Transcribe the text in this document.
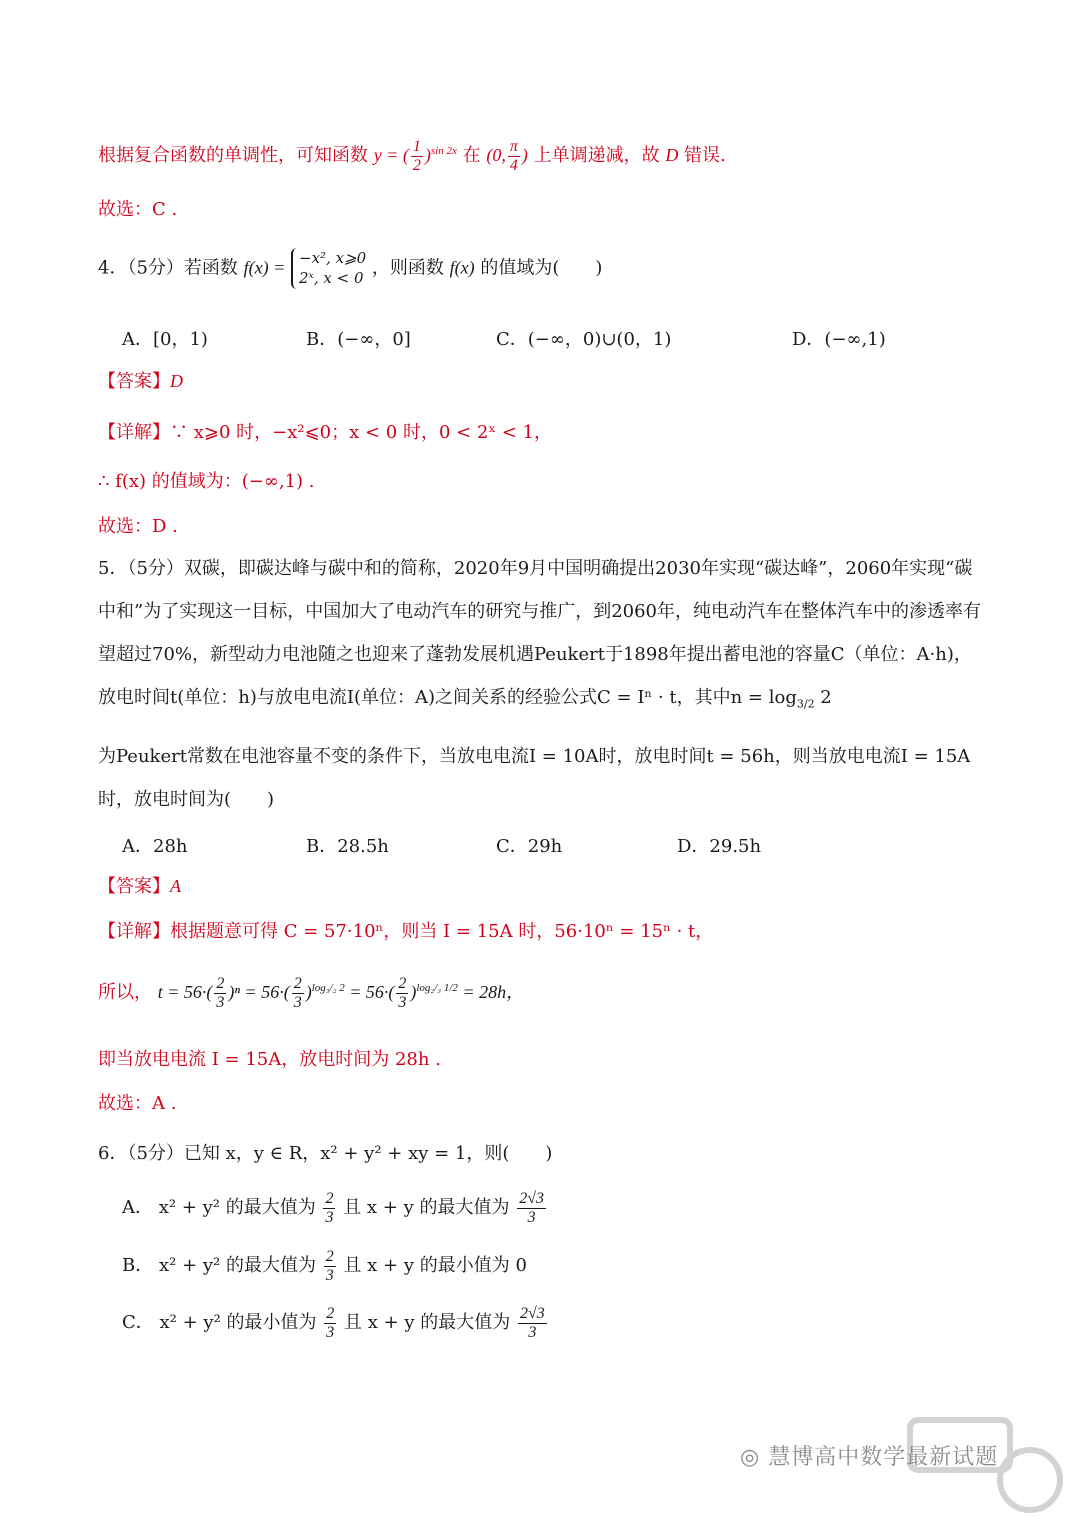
根据复合函数的单调性，可知函数 y = ( $\frac{1}{2} )^{sin 2x}$ 在 (0, $\frac{\pi}{4}$ ) 上单调递减，故 D 错误.
故选：C .
4．（5分）若函数 f(x) = −x², x⩾0
2ˣ, x < 0 ，则函数 f(x) 的值域为(　　)
A．[0，1)	B．(−∞，0]	C．(−∞，0)∪(0，1)	D．(−∞,1)
【答案】D
【详解】∵ x⩾0 时，−x²⩽0；x < 0 时，0 < 2ˣ < 1，
∴ f(x) 的值域为：(−∞,1) .
故选：D .
5．（5分）双碳，即碳达峰与碳中和的简称，2020年9月中国明确提出2030年实现“碳达峰”，2060年实现“碳中和”为了实现这一目标，中国加大了电动汽车的研究与推广，到2060年，纯电动汽车在整体汽车中的渗透率有望超过70%，新型动力电池随之也迎来了蓬勃发展机遇Peukert于1898年提出蓄电池的容量C（单位：A·h)，放电时间t(单位：h)与放电电流I(单位：A)之间关系的经验公式C = Iⁿ · t，其中$n = \log_{3/2} 2$
为Peukert常数在电池容量不变的条件下，当放电电流I = 10A时，放电时间t = 56h，则当放电电流I = 15A时，放电时间为(　　)
A．28h	B．28.5h	C．29h	D．29.5h
【答案】A
【详解】根据题意可得 C = 57·10ⁿ，则当 I = 15A 时，56·10ⁿ = 15ⁿ · t，
所以， $t = 56\cdot( \frac{2}{3} )^n = 56\cdot( \frac{2}{3} )^{log_3/_2 2} = 56\cdot( \frac{2}{3} )^{log_2/_3 1/2} = 28h$，
即当放电电流 I = 15A，放电时间为 28h .
故选：A .
6．（5分）已知 x，y ∈ R，x² + y² + xy = 1，则(　　)
A． x² + y² 的最大值为 $\frac{2}{3}$ 且 x + y 的最大值为 $\frac{2√3}{3}$
B． x² + y² 的最大值为 $\frac{2}{3}$ 且 x + y 的最小值为 0
C． x² + y² 的最小值为 $\frac{2}{3}$ 且 x + y 的最大值为 $\frac{2√3}{3}$
◎ 慧博高中数学最新试题
